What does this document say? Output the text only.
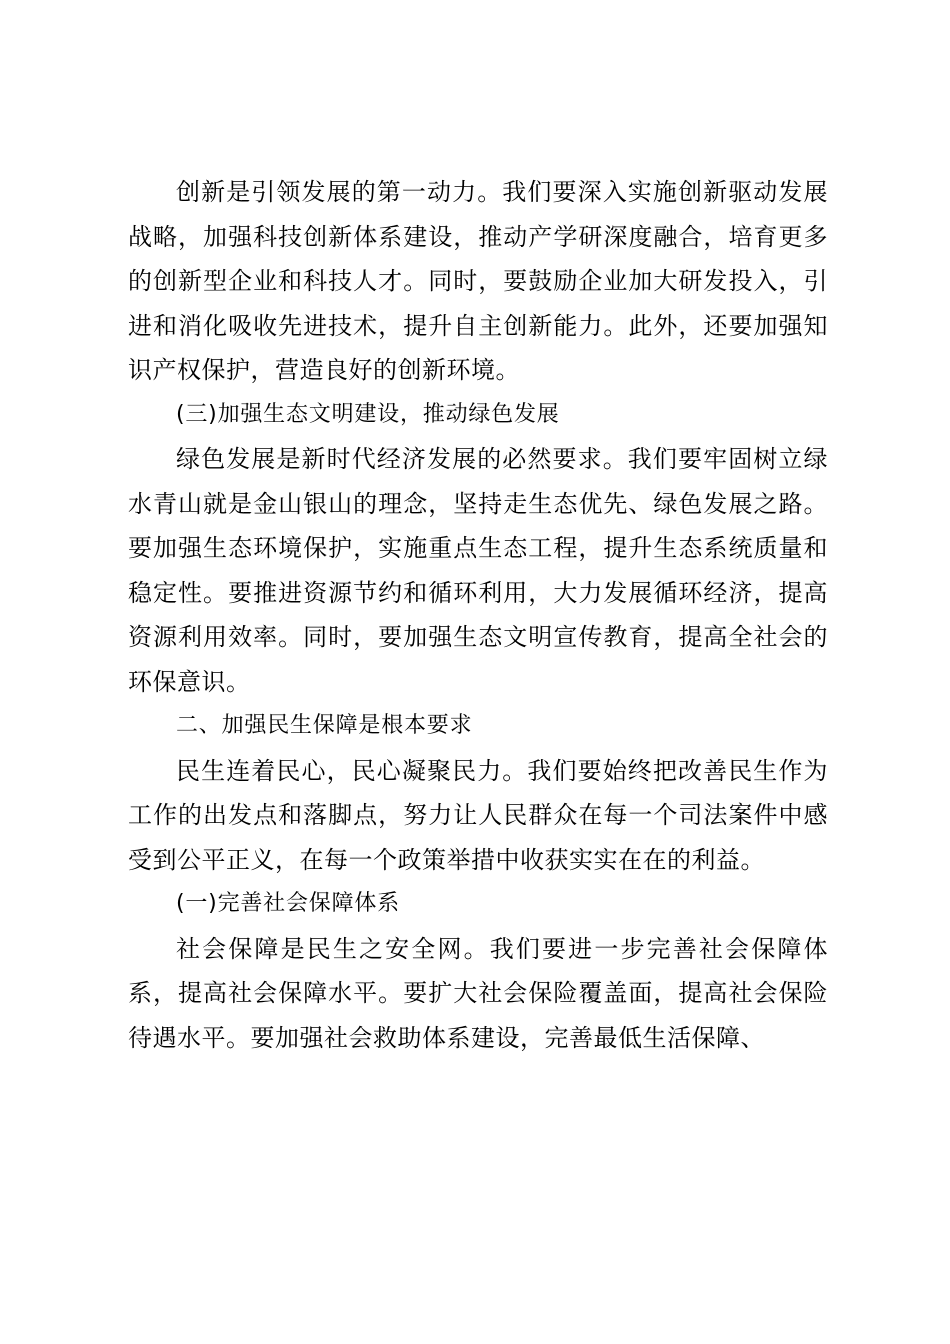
创新是引领发展的第一动力。我们要深入实施创新驱动发展战略，加强科技创新体系建设，推动产学研深度融合，培育更多的创新型企业和科技人才。同时，要鼓励企业加大研发投入，引进和消化吸收先进技术，提升自主创新能力。此外，还要加强知识产权保护，营造良好的创新环境。

(三)加强生态文明建设，推动绿色发展

绿色发展是新时代经济发展的必然要求。我们要牢固树立绿水青山就是金山银山的理念，坚持走生态优先、绿色发展之路。要加强生态环境保护，实施重点生态工程，提升生态系统质量和稳定性。要推进资源节约和循环利用，大力发展循环经济，提高资源利用效率。同时，要加强生态文明宣传教育，提高全社会的环保意识。

二、加强民生保障是根本要求

民生连着民心，民心凝聚民力。我们要始终把改善民生作为工作的出发点和落脚点，努力让人民群众在每一个司法案件中感受到公平正义，在每一个政策举措中收获实实在在的利益。

(一)完善社会保障体系

社会保障是民生之安全网。我们要进一步完善社会保障体系，提高社会保障水平。要扩大社会保险覆盖面，提高社会保险待遇水平。要加强社会救助体系建设，完善最低生活保障、
